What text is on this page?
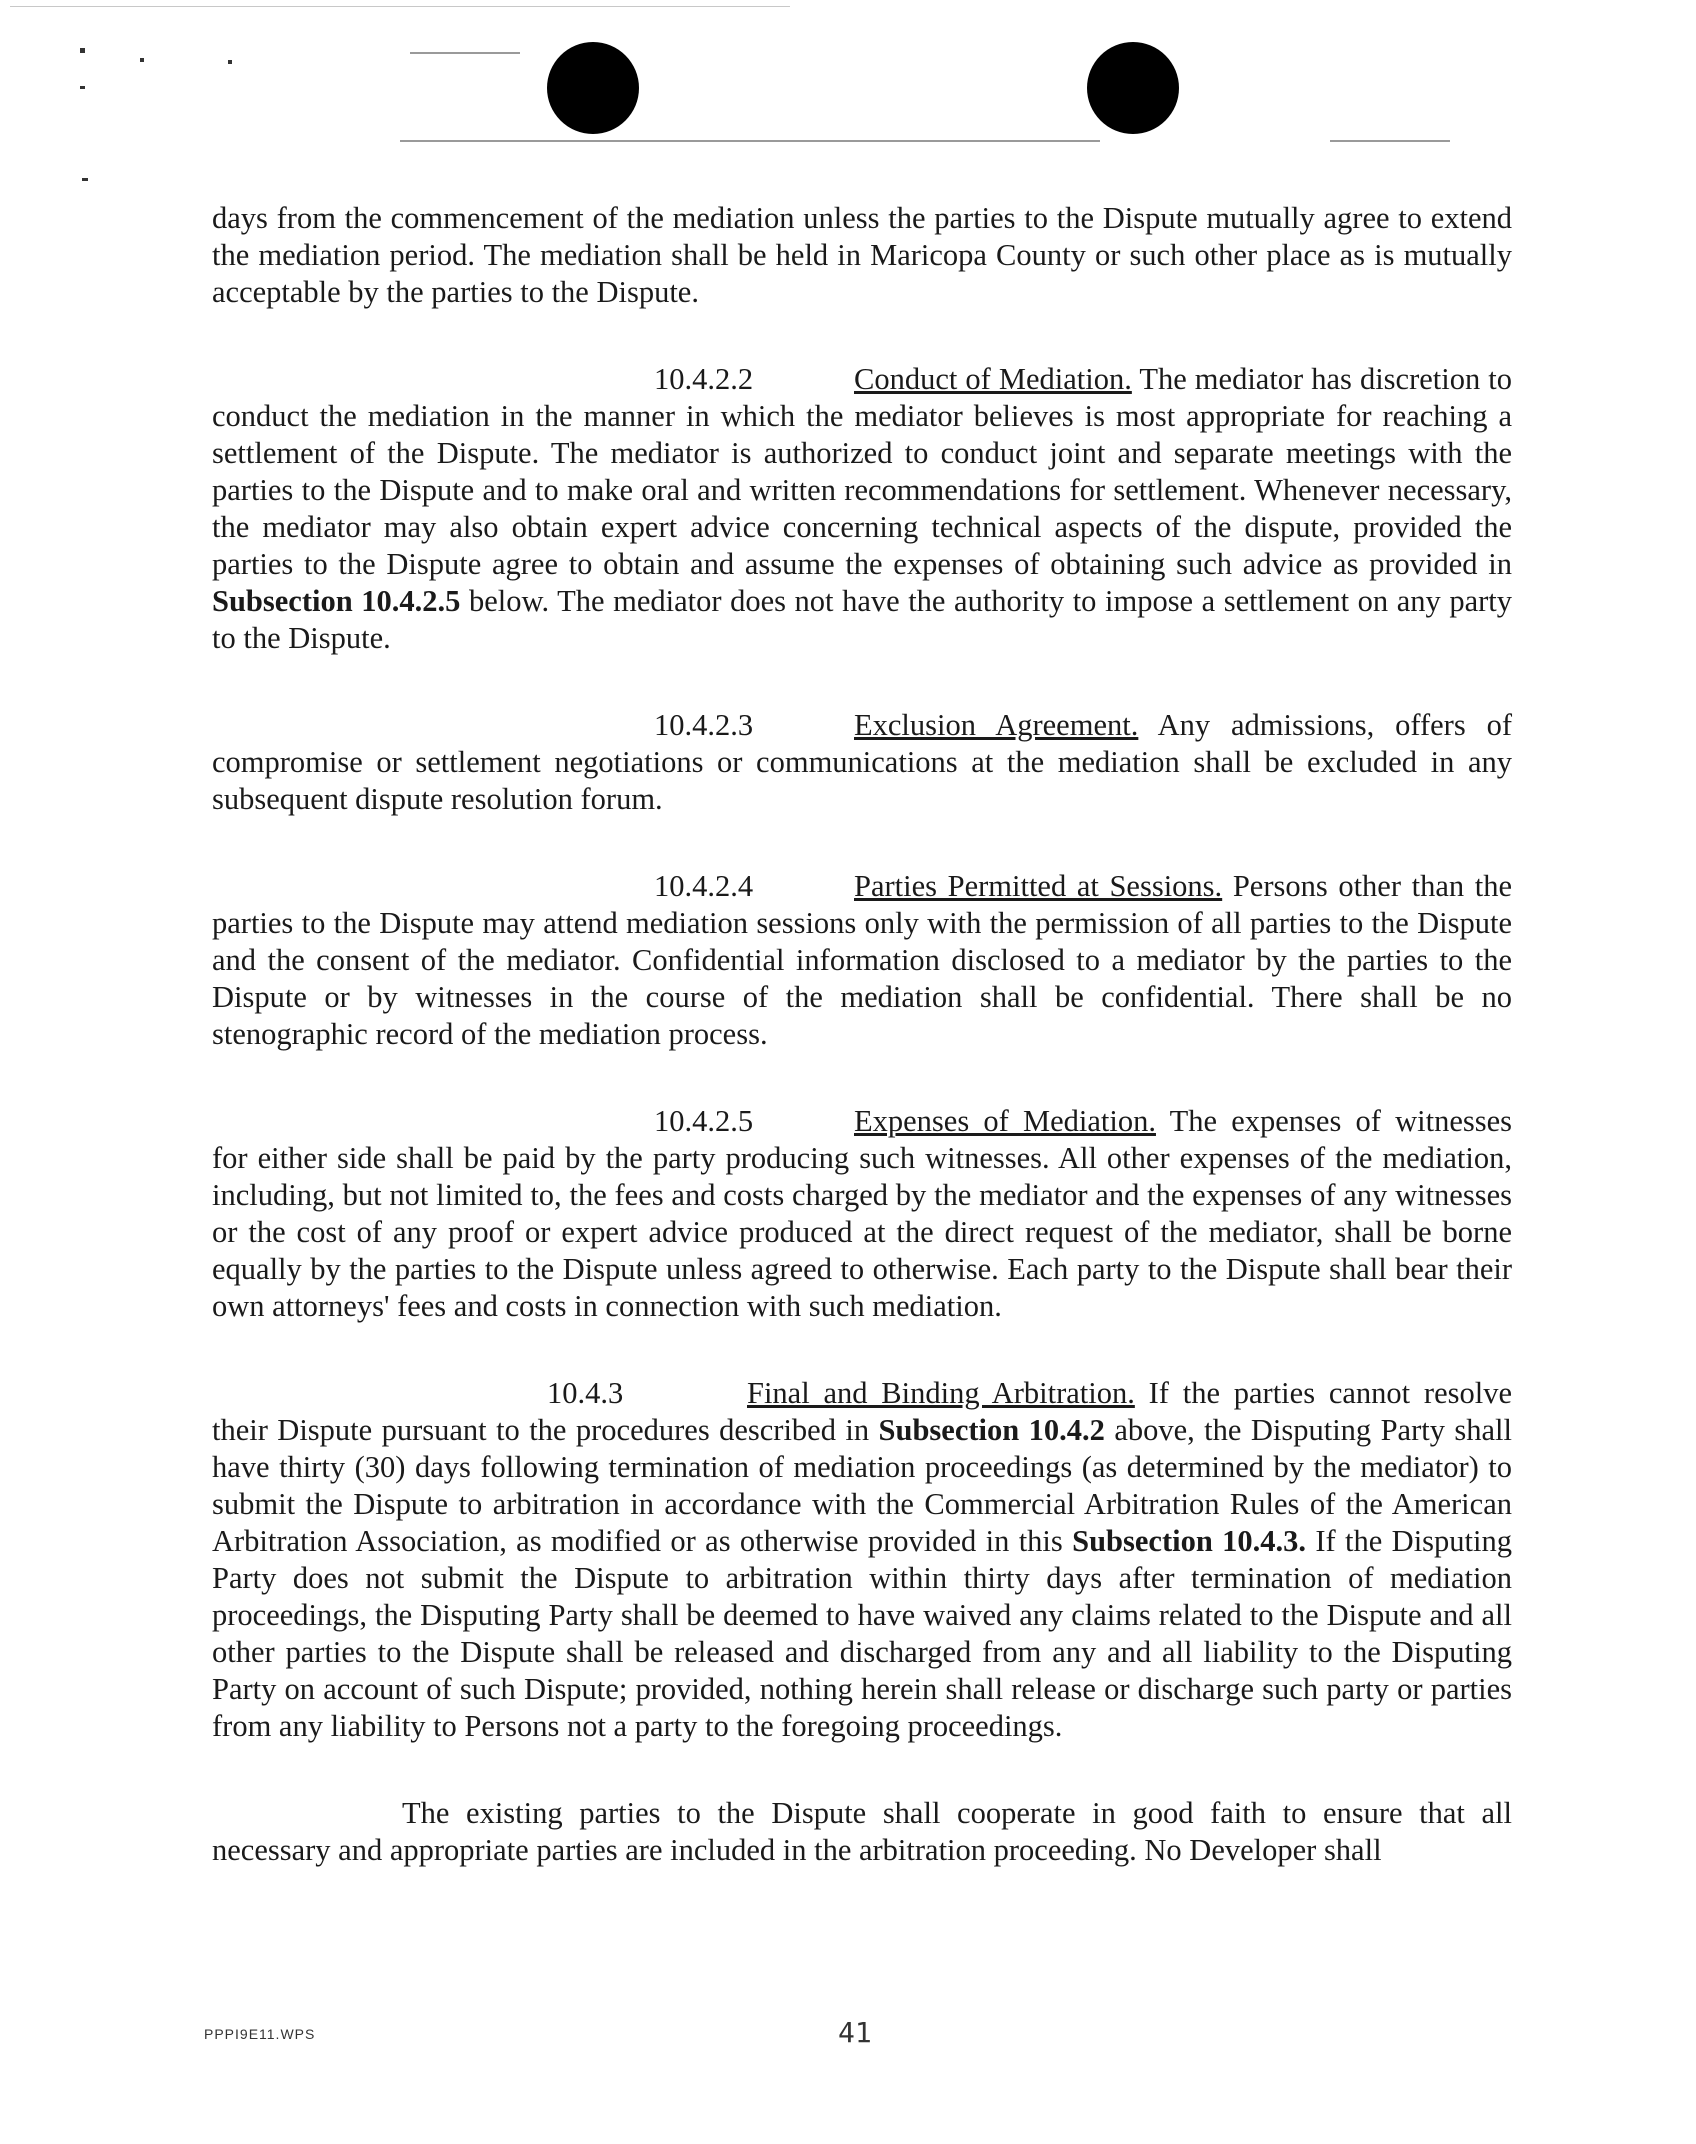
days from the commencement of the mediation unless the parties to the Dispute mutually agree to extend the mediation period. The mediation shall be held in Maricopa County or such other place as is mutually acceptable by the parties to the Dispute.

10.4.2.2	Conduct of Mediation. The mediator has discretion to conduct the mediation in the manner in which the mediator believes is most appropriate for reaching a settlement of the Dispute. The mediator is authorized to conduct joint and separate meetings with the parties to the Dispute and to make oral and written recommendations for settlement. Whenever necessary, the mediator may also obtain expert advice concerning technical aspects of the dispute, provided the parties to the Dispute agree to obtain and assume the expenses of obtaining such advice as provided in Subsection 10.4.2.5 below. The mediator does not have the authority to impose a settlement on any party to the Dispute.

10.4.2.3	Exclusion Agreement. Any admissions, offers of compromise or settlement negotiations or communications at the mediation shall be excluded in any subsequent dispute resolution forum.

10.4.2.4	Parties Permitted at Sessions. Persons other than the parties to the Dispute may attend mediation sessions only with the permission of all parties to the Dispute and the consent of the mediator. Confidential information disclosed to a mediator by the parties to the Dispute or by witnesses in the course of the mediation shall be confidential. There shall be no stenographic record of the mediation process.

10.4.2.5	Expenses of Mediation. The expenses of witnesses for either side shall be paid by the party producing such witnesses. All other expenses of the mediation, including, but not limited to, the fees and costs charged by the mediator and the expenses of any witnesses or the cost of any proof or expert advice produced at the direct request of the mediator, shall be borne equally by the parties to the Dispute unless agreed to otherwise. Each party to the Dispute shall bear their own attorneys' fees and costs in connection with such mediation.

10.4.3	Final and Binding Arbitration. If the parties cannot resolve their Dispute pursuant to the procedures described in Subsection 10.4.2 above, the Disputing Party shall have thirty (30) days following termination of mediation proceedings (as determined by the mediator) to submit the Dispute to arbitration in accordance with the Commercial Arbitration Rules of the American Arbitration Association, as modified or as otherwise provided in this Subsection 10.4.3. If the Disputing Party does not submit the Dispute to arbitration within thirty days after termination of mediation proceedings, the Disputing Party shall be deemed to have waived any claims related to the Dispute and all other parties to the Dispute shall be released and discharged from any and all liability to the Disputing Party on account of such Dispute; provided, nothing herein shall release or discharge such party or parties from any liability to Persons not a party to the foregoing proceedings.

The existing parties to the Dispute shall cooperate in good faith to ensure that all necessary and appropriate parties are included in the arbitration proceeding. No Developer shall

PPPI9E11.WPS	41
